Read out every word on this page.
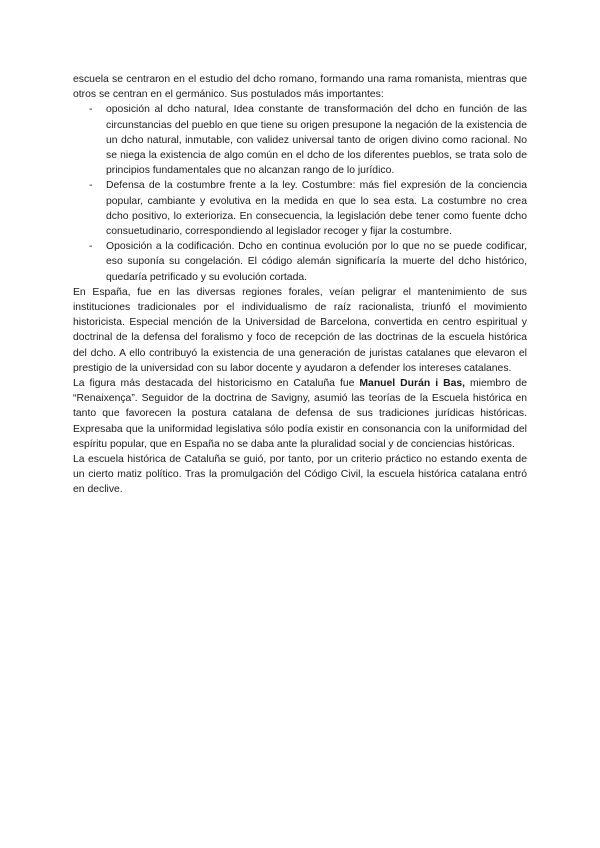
escuela se centraron en el estudio del dcho romano, formando una rama romanista, mientras que otros se centran en el germánico. Sus postulados más importantes:

- oposición al dcho natural, Idea constante de transformación del dcho en función de las circunstancias del pueblo en que tiene su origen presupone la negación de la existencia de un dcho natural, inmutable, con validez universal tanto de origen divino como racional. No se niega la existencia de algo común en el dcho de los diferentes pueblos, se trata solo de principios fundamentales que no alcanzan rango de lo jurídico.
- Defensa de la costumbre frente a la ley. Costumbre: más fiel expresión de la conciencia popular, cambiante y evolutiva en la medida en que lo sea esta. La costumbre no crea dcho positivo, lo exterioriza. En consecuencia, la legislación debe tener como fuente dcho consuetudinario, correspondiendo al legislador recoger y fijar la costumbre.
- Oposición a la codificación. Dcho en continua evolución por lo que no se puede codificar, eso suponía su congelación. El código alemán significaría la muerte del dcho histórico, quedaría petrificado y su evolución cortada.

En España, fue en las diversas regiones forales, veían peligrar el mantenimiento de sus instituciones tradicionales por el individualismo de raíz racionalista, triunfó el movimiento historicista. Especial mención de la Universidad de Barcelona, convertida en centro espiritual y doctrinal de la defensa del foralismo y foco de recepción de las doctrinas de la escuela histórica del dcho. A ello contribuyó la existencia de una generación de juristas catalanes que elevaron el prestigio de la universidad con su labor docente y ayudaron a defender los intereses catalanes.

La figura más destacada del historicismo en Cataluña fue Manuel Durán i Bas, miembro de “Renaixença”. Seguidor de la doctrina de Savigny, asumió las teorías de la Escuela histórica en tanto que favorecen la postura catalana de defensa de sus tradiciones jurídicas históricas. Expresaba que la uniformidad legislativa sólo podía existir en consonancia con la uniformidad del espíritu popular, que en España no se daba ante la pluralidad social y de conciencias históricas.

La escuela histórica de Cataluña se guió, por tanto, por un criterio práctico no estando exenta de un cierto matiz político. Tras la promulgación del Código Civil, la escuela histórica catalana entró en declive.
